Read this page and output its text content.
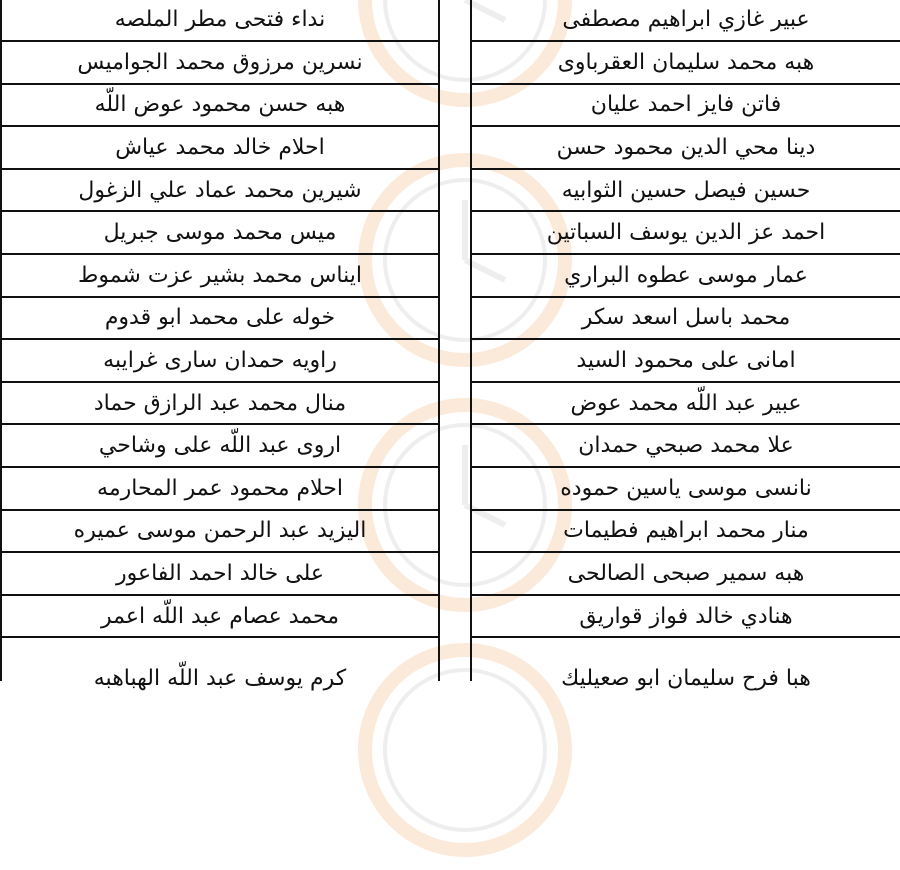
نداء فتحى مطر الملصه
نسرين مرزوق محمد الجواميس
هبه حسن محمود عوض اللّه
احلام خالد محمد عياش
شيرين محمد عماد علي الزغول
ميس محمد موسى جبريل
ايناس محمد بشير عزت شموط
خوله على محمد ابو قدوم
راويه حمدان سارى غرايبه
منال محمد عبد الرازق حماد
اروى عبد اللّه على وشاحي
احلام محمود عمر المحارمه
اليزيد عبد الرحمن موسى عميره
على خالد احمد الفاعور
محمد عصام عبد اللّه اعمر
كرم يوسف عبد اللّه الهباهبه
عبير غازي ابراهيم مصطفى
هبه محمد سليمان العقرباوى
فاتن فايز احمد عليان
دينا محي الدين محمود حسن
حسين فيصل حسين الثوابيه
احمد عز الدين يوسف السباتين
عمار موسى عطوه البراري
محمد باسل اسعد سكر
امانى على محمود السيد
عبير عبد اللّه محمد عوض
علا محمد صبحي حمدان
نانسى موسى ياسين حموده
منار محمد ابراهيم فطيمات
هبه سمير صبحى الصالحى
هنادي خالد فواز قواريق
هبا فرح سليمان ابو صعيليك
